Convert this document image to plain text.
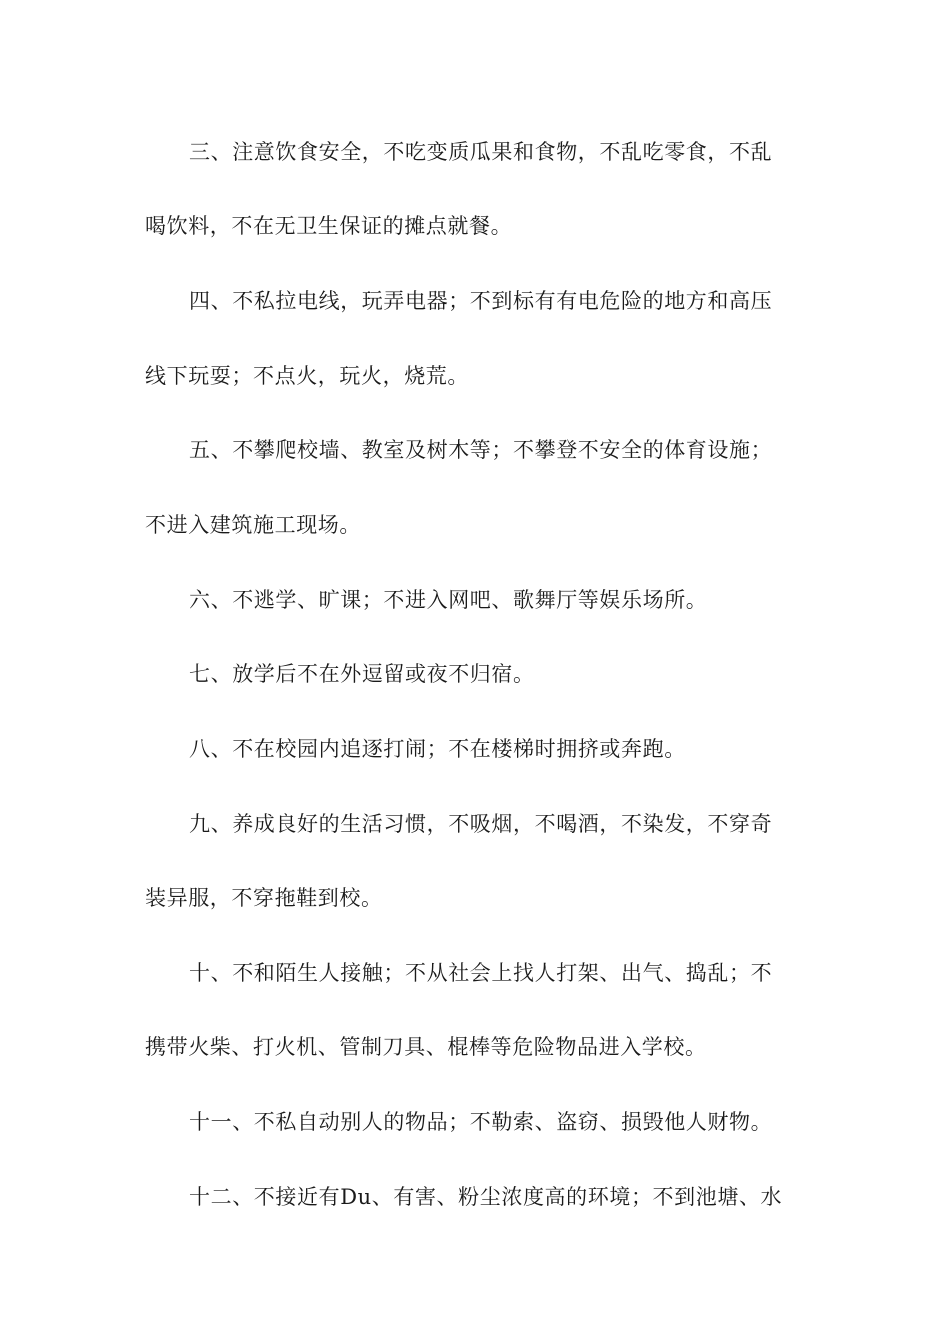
三、注意饮食安全，不吃变质瓜果和食物，不乱吃零食，不乱
喝饮料，不在无卫生保证的摊点就餐。
四、不私拉电线，玩弄电器；不到标有有电危险的地方和高压
线下玩耍；不点火，玩火，烧荒。
五、不攀爬校墙、教室及树木等；不攀登不安全的体育设施；
不进入建筑施工现场。
六、不逃学、旷课；不进入网吧、歌舞厅等娱乐场所。
七、放学后不在外逗留或夜不归宿。
八、不在校园内追逐打闹；不在楼梯时拥挤或奔跑。
九、养成良好的生活习惯，不吸烟，不喝酒，不染发，不穿奇
装异服，不穿拖鞋到校。
十、不和陌生人接触；不从社会上找人打架、出气、捣乱；不
携带火柴、打火机、管制刀具、棍棒等危险物品进入学校。
十一、不私自动别人的物品；不勒索、盗窃、损毁他人财物。
十二、不接近有Du、有害、粉尘浓度高的环境；不到池塘、水
